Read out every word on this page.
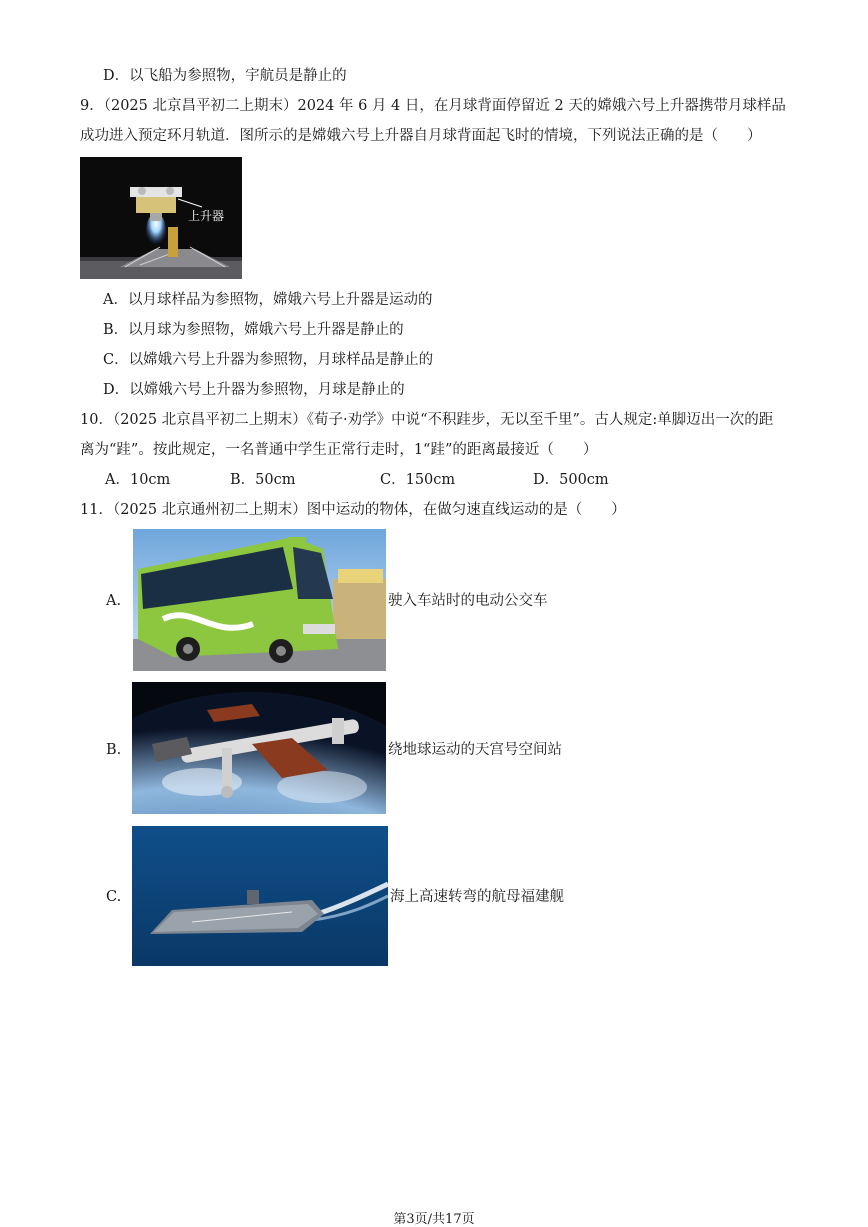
D．以飞船为参照物，宇航员是静止的
9．（2025 北京昌平初二上期末）2024 年 6 月 4 日，在月球背面停留近 2 天的嫦娥六号上升器携带月球样品
成功进入预定环月轨道．图所示的是嫦娥六号上升器自月球背面起飞时的情境，下列说法正确的是（　　）
上升器
A．以月球样品为参照物，嫦娥六号上升器是运动的
B．以月球为参照物，嫦娥六号上升器是静止的
C．以嫦娥六号上升器为参照物，月球样品是静止的
D．以嫦娥六号上升器为参照物，月球是静止的
10．（2025 北京昌平初二上期末）《荀子·劝学》中说“不积跬步，无以至千里”。古人规定:单脚迈出一次的距
离为“跬”。按此规定，一名普通中学生正常行走时，1“跬”的距离最接近（　　）
A．10cm	B．50cm	C．150cm	D．500cm
11．（2025 北京通州初二上期末）图中运动的物体，在做匀速直线运动的是（　　）
A.	驶入车站时的电动公交车
B.	绕地球运动的天宫号空间站
C.	海上高速转弯的航母福建舰
第3页/共17页
